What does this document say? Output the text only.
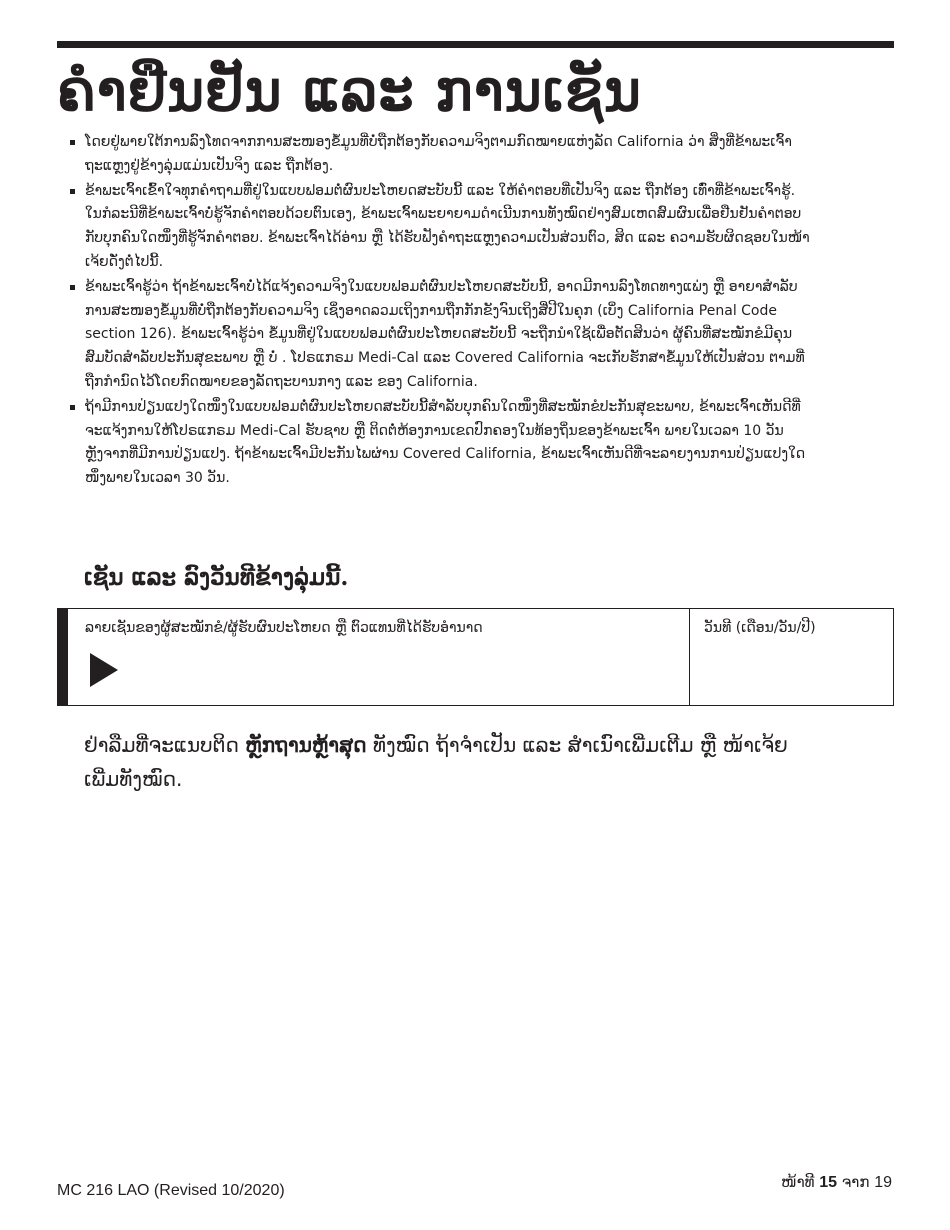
ຄໍາຢືນຢັນ ແລະ ການເຊັນ
ໂດຍຢູ່ພາຍໃຕ້ການລົງໂທດຈາກການສະໜອງຂໍ້ມູນທີ່ບໍ່ຖືກຕ້ອງກັບຄວາມຈິງຕາມກົດໝາຍແຫ່ງລັດ California ວ່າ ສິ່ງທີ່ຂ້າພະເຈົ້າຖະແຫຼງຢູ່ຂ້າງລຸ່ມແມ່ນເປັນຈິງ ແລະ ຖືກຕ້ອງ.
ຂ້າພະເຈົ້າເຂົ້າໃຈທຸກຄໍາຖາມທີ່ຢູ່ໃນແບບຟອມຕໍ່ຜົນປະໂຫຍດສະບັບນີ້ ແລະ ໃຫ້ຄໍາຕອບທີ່ເປັນຈິງ ແລະ ຖືກຕ້ອງ ເທົ່າທີ່ຂ້າພະເຈົ້າຮູ້. ໃນກໍລະນີທີ່ຂ້າພະເຈົ້າບໍ່ຮູ້ຈັກຄໍາຕອບດ້ວຍຕົນເອງ, ຂ້າພະເຈົ້າພະຍາຍາມດໍາເນີນການທັງໝົດຢ່າງສົມເຫດສົມຜົນເພື່ອຢືນຢັນຄໍາຕອບກັບບຸກຄົນໃດໜຶ່ງທີ່ຮູ້ຈັກຄໍາຕອບ. ຂ້າພະເຈົ້າໄດ້ອ່ານ ຫຼື ໄດ້ຮັບຟັງຄໍາຖະແຫຼງຄວາມເປັນສ່ວນຕົວ, ສິດ ແລະ ຄວາມຮັບຜິດຊອບໃນໜ້າເຈ້ຍດັ່ງຕໍ່ໄປນີ້.
ຂ້າພະເຈົ້າຮູ້ວ່າ ຖ້າຂ້າພະເຈົ້າບໍ່ໄດ້ແຈ້ງຄວາມຈິງໃນແບບຟອມຕໍ່ຜົນປະໂຫຍດສະບັບນີ້, ອາດມີການລົງໂທດທາງແພ່ງ ຫຼື ອາຍາສໍາລັບການສະໜອງຂໍ້ມູນທີ່ບໍ່ຖືກຕ້ອງກັບຄວາມຈິງ ເຊິ່ງອາດລວມເຖິງການຖືກກັກຂັງຈົນເຖິງສີ່ປີໃນຄຸກ (ເບິ່ງ California Penal Code section 126). ຂ້າພະເຈົ້າຮູ້ວ່າ ຂໍ້ມູນທີ່ຢູ່ໃນແບບຟອມຕໍ່ຜົນປະໂຫຍດສະບັບນີ້ ຈະຖືກນໍາໃຊ້ເພື່ອຕັດສິນວ່າ ຜູ້ຄົນທີ່ສະໝັກຂໍມີຄຸນສົມບັດສໍາລັບປະກັນສຸຂະພາບ ຫຼື ບໍ່ . ໂປຣແກຣມ Medi-Cal ແລະ Covered California ຈະເກັບຮັກສາຂໍ້ມູນໃຫ້ເປັນສ່ວນ ຕາມທີ່ຖືກກໍານົດໄວ້ໂດຍກົດໝາຍຂອງລັດຖະບານກາງ ແລະ ຂອງ California.
ຖ້າມີການປ່ຽນແປງໃດໜຶ່ງໃນແບບຟອມຕໍ່ຜົນປະໂຫຍດສະບັບນີ້ສໍາລັບບຸກຄົນໃດໜຶ່ງທີ່ສະໝັກຂໍປະກັນສຸຂະພາບ, ຂ້າພະເຈົ້າເຫັນດີທີ່ຈະແຈ້ງການໃຫ້ໂປຣແກຣມ Medi-Cal ຮັບຊາບ ຫຼື ຕິດຕໍ່ຫ້ອງການເຂດປົກຄອງໃນທ້ອງຖິ່ນຂອງຂ້າພະເຈົ້າ ພາຍໃນເວລາ 10 ວັນ ຫຼັງຈາກທີ່ມີການປ່ຽນແປງ. ຖ້າຂ້າພະເຈົ້າມີປະກັນໄພຜ່ານ Covered California, ຂ້າພະເຈົ້າເຫັນດີທີ່ຈະລາຍງານການປ່ຽນແປງໃດໜຶ່ງພາຍໃນເວລາ 30 ວັນ.
ເຊັນ ແລະ ລົງວັນທີຂ້າງລຸ່ມນີ້.
ລາຍເຊັນຂອງຜູ້ສະໝັກຂໍ/ຜູ້ຮັບຜົນປະໂຫຍດ ຫຼື ຕົວແທນທີ່ໄດ້ຮັບອໍານາດ	ວັນທີ (ເດືອນ/ວັນ/ປີ)

ຢ່າລືມທີ່ຈະແນບຕິດ ຫຼັກຖານຫຼ້າສຸດ ທັງໝົດ ຖ້າຈໍາເປັນ ແລະ ສໍາເນົາເພີ່ມເຕີມ ຫຼື ໜ້າເຈ້ຍເພີ່ມທັງໝົດ.

MC 216 LAO (Revised 10/2020)	ໜ້າທີ 15 ຈາກ 19
